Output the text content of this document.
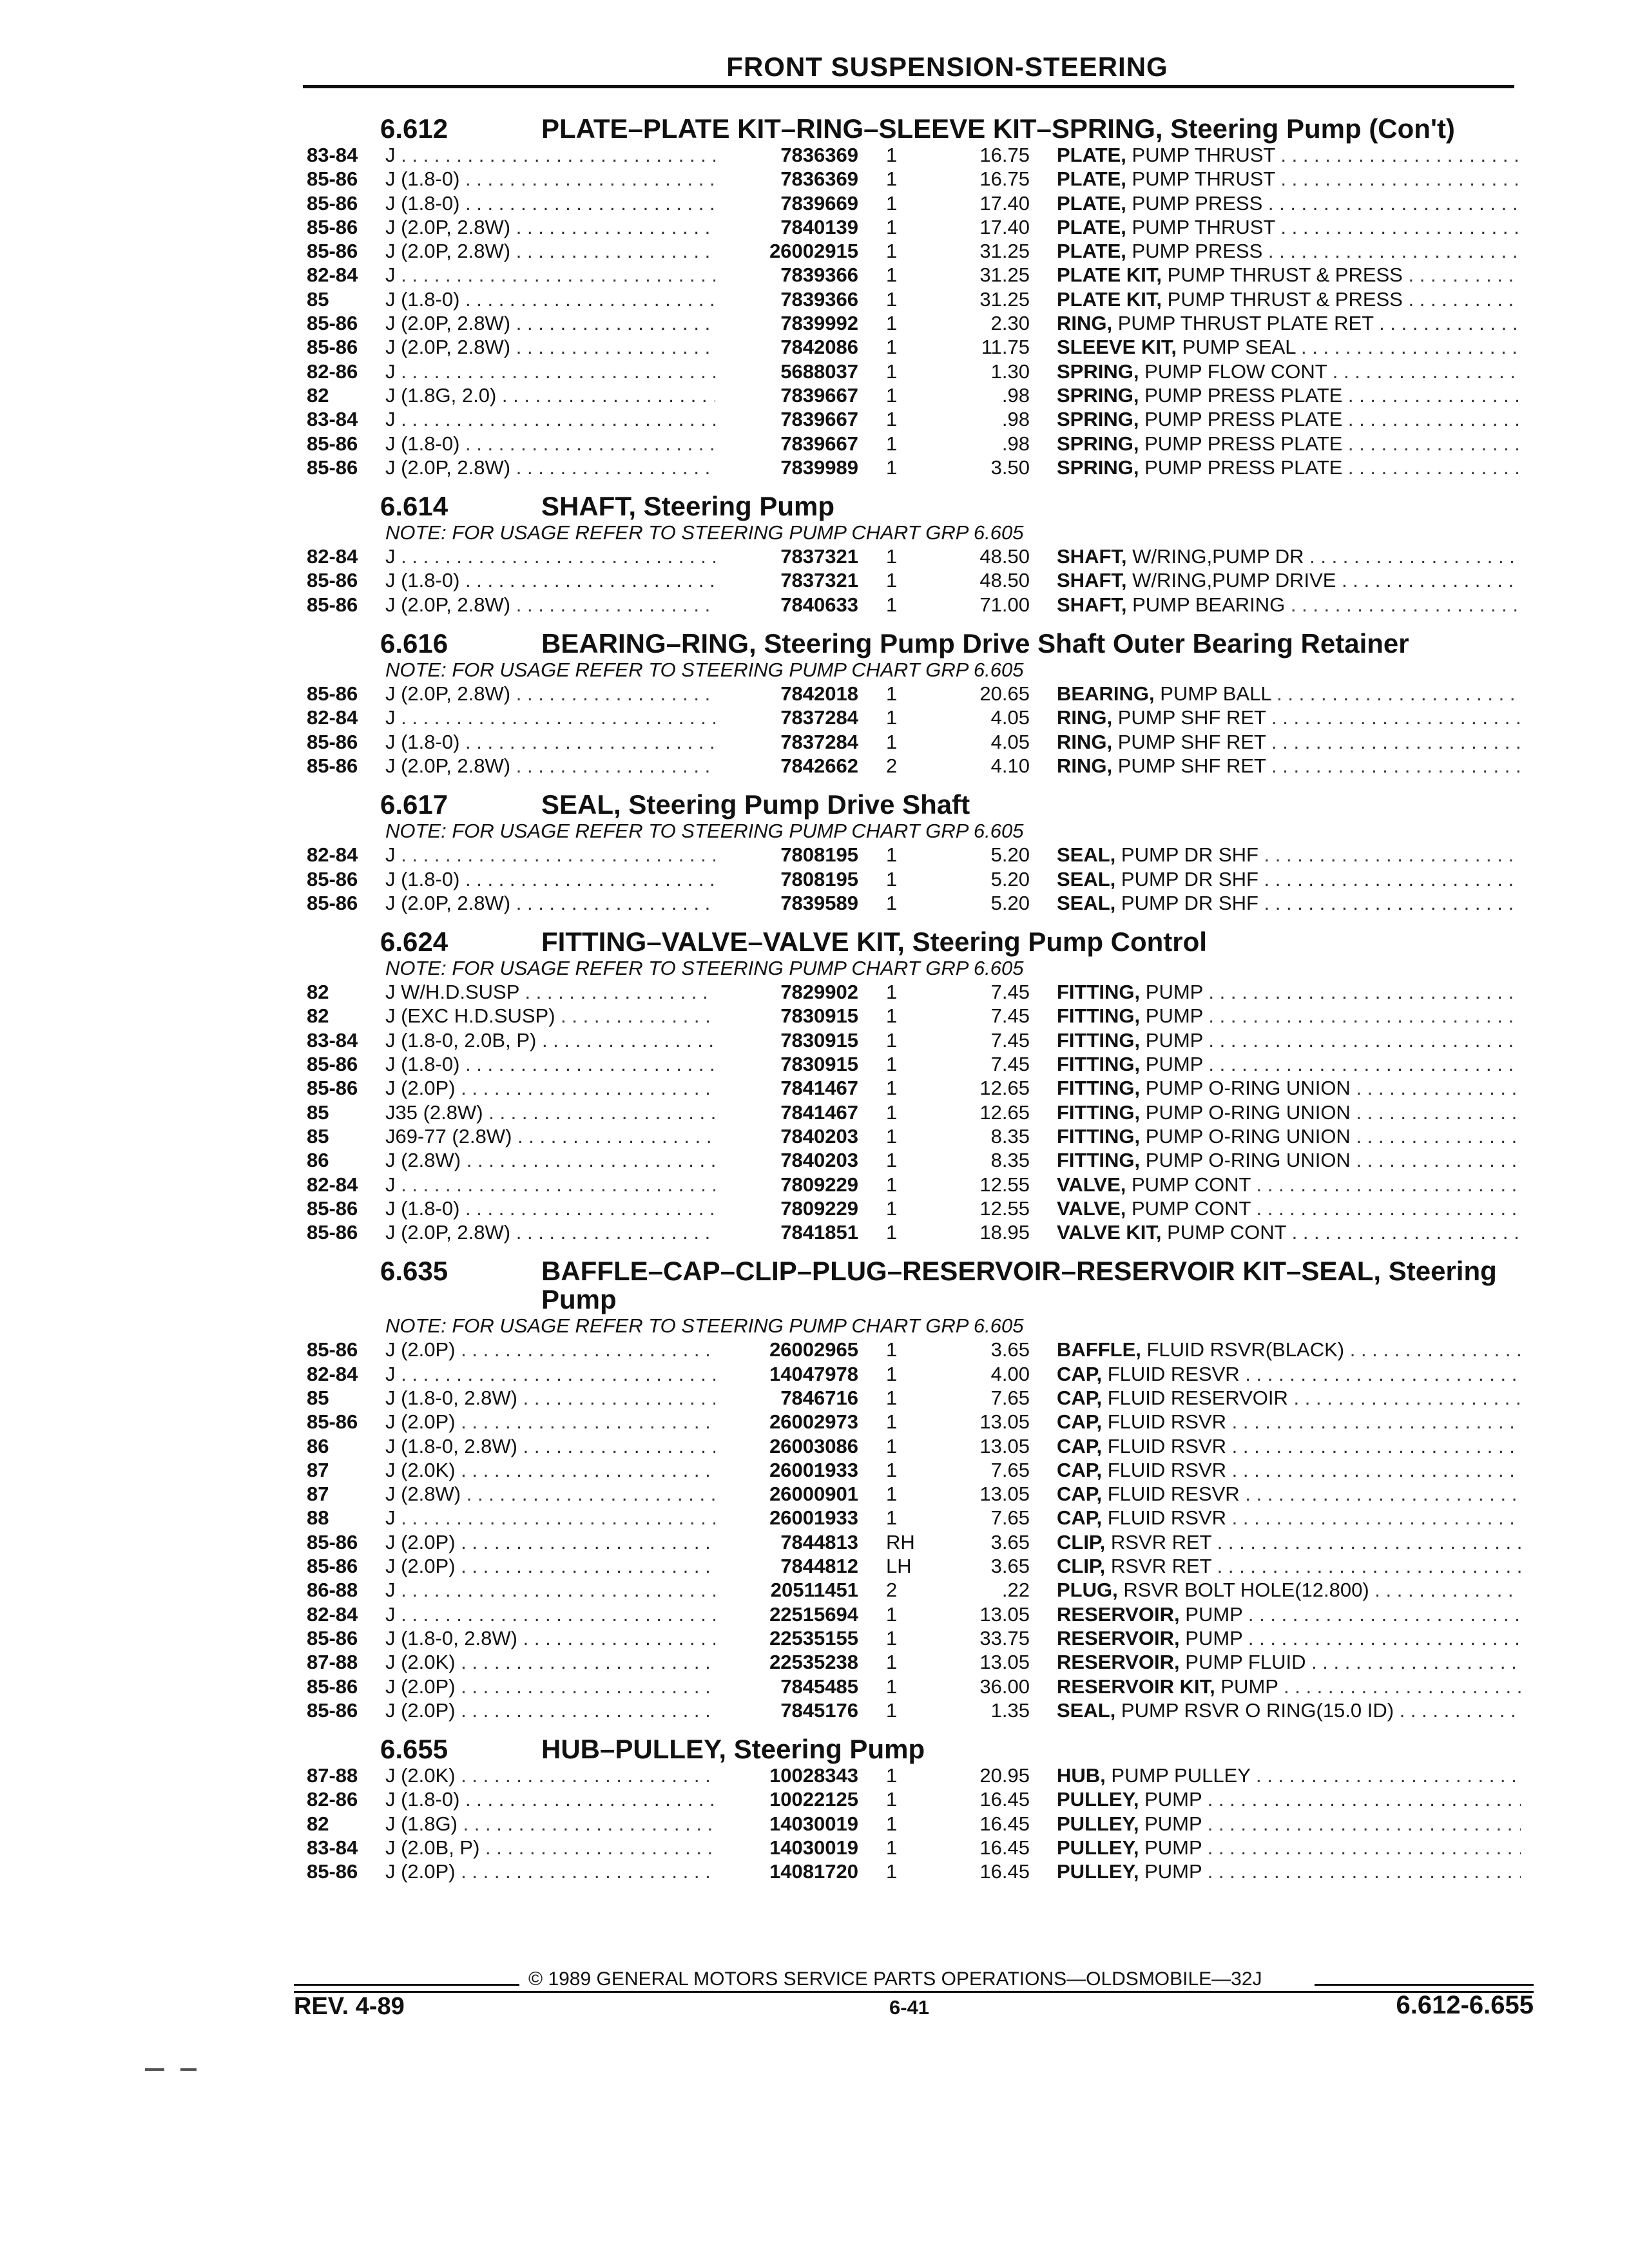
FRONT SUSPENSION-STEERING
6.612	PLATE–PLATE KIT–RING–SLEEVE KIT–SPRING, Steering Pump (Con't)
83-84 J . . .	7836369 1	16.75 PLATE, PUMP THRUST . . .
85-86 J (1.8-0) . . .	7836369 1	16.75 PLATE, PUMP THRUST . . .
85-86 J (1.8-0) . . .	7839669 1	17.40 PLATE, PUMP PRESS . . .
85-86 J (2.0P, 2.8W) . . .	7840139 1	17.40 PLATE, PUMP THRUST . . .
85-86 J (2.0P, 2.8W) . . .	26002915 1	31.25 PLATE, PUMP PRESS . . .
82-84 J . . .	7839366 1	31.25 PLATE KIT, PUMP THRUST & PRESS . . .
85	J (1.8-0) . . .	7839366 1	31.25 PLATE KIT, PUMP THRUST & PRESS . . .
85-86 J (2.0P, 2.8W) . . .	7839992 1	2.30 RING, PUMP THRUST PLATE RET . . .
85-86 J (2.0P, 2.8W) . . .	7842086 1	11.75 SLEEVE KIT, PUMP SEAL . . .
82-86 J . . .	5688037 1	1.30 SPRING, PUMP FLOW CONT . . .
82	J (1.8G, 2.0) . . .	7839667 1	.98 SPRING, PUMP PRESS PLATE . . .
83-84 J . . .	7839667 1	.98 SPRING, PUMP PRESS PLATE . . .
85-86 J (1.8-0) . . .	7839667 1	.98 SPRING, PUMP PRESS PLATE . . .
85-86 J (2.0P, 2.8W) . . .	7839989 1	3.50 SPRING, PUMP PRESS PLATE . . .
6.614	SHAFT, Steering Pump
NOTE: FOR USAGE REFER TO STEERING PUMP CHART GRP 6.605
82-84 J . . .	7837321 1	48.50 SHAFT, W/RING,PUMP DR . . .
85-86 J (1.8-0) . . .	7837321 1	48.50 SHAFT, W/RING,PUMP DRIVE . . .
85-86 J (2.0P, 2.8W) . . .	7840633 1	71.00 SHAFT, PUMP BEARING . . .
6.616	BEARING–RING, Steering Pump Drive Shaft Outer Bearing Retainer
NOTE: FOR USAGE REFER TO STEERING PUMP CHART GRP 6.605
85-86 J (2.0P, 2.8W) . . .	7842018 1	20.65 BEARING, PUMP BALL . . .
82-84 J . . .	7837284 1	4.05 RING, PUMP SHF RET . . .
85-86 J (1.8-0) . . .	7837284 1	4.05 RING, PUMP SHF RET . . .
85-86 J (2.0P, 2.8W) . . .	7842662 2	4.10 RING, PUMP SHF RET . . .
6.617	SEAL, Steering Pump Drive Shaft
NOTE: FOR USAGE REFER TO STEERING PUMP CHART GRP 6.605
82-84 J . . .	7808195 1	5.20 SEAL, PUMP DR SHF . . .
85-86 J (1.8-0) . . .	7808195 1	5.20 SEAL, PUMP DR SHF . . .
85-86 J (2.0P, 2.8W) . . .	7839589 1	5.20 SEAL, PUMP DR SHF . . .
6.624	FITTING–VALVE–VALVE KIT, Steering Pump Control
NOTE: FOR USAGE REFER TO STEERING PUMP CHART GRP 6.605
82	J W/H.D.SUSP . . .	7829902 1	7.45 FITTING, PUMP . . .
82	J (EXC H.D.SUSP) . . .	7830915 1	7.45 FITTING, PUMP . . .
83-84 J (1.8-0, 2.0B, P) . . .	7830915 1	7.45 FITTING, PUMP . . .
85-86 J (1.8-0) . . .	7830915 1	7.45 FITTING, PUMP . . .
85-86 J (2.0P) . . .	7841467 1	12.65 FITTING, PUMP O-RING UNION . . .
85	J35 (2.8W) . . .	7841467 1	12.65 FITTING, PUMP O-RING UNION . . .
85	J69-77 (2.8W) . . .	7840203 1	8.35 FITTING, PUMP O-RING UNION . . .
86	J (2.8W) . . .	7840203 1	8.35 FITTING, PUMP O-RING UNION . . .
82-84 J . . .	7809229 1	12.55 VALVE, PUMP CONT . . .
85-86 J (1.8-0) . . .	7809229 1	12.55 VALVE, PUMP CONT . . .
85-86 J (2.0P, 2.8W) . . .	7841851 1	18.95 VALVE KIT, PUMP CONT . . .
6.635	BAFFLE–CAP–CLIP–PLUG–RESERVOIR–RESERVOIR KIT–SEAL, Steering Pump
NOTE: FOR USAGE REFER TO STEERING PUMP CHART GRP 6.605
85-86 J (2.0P) . . .	26002965 1	3.65 BAFFLE, FLUID RSVR(BLACK) . . .
82-84 J . . .	14047978 1	4.00 CAP, FLUID RESVR . . .
85	J (1.8-0, 2.8W) . . .	7846716 1	7.65 CAP, FLUID RESERVOIR . . .
85-86 J (2.0P) . . .	26002973 1	13.05 CAP, FLUID RSVR . . .
86	J (1.8-0, 2.8W) . . .	26003086 1	13.05 CAP, FLUID RSVR . . .
87	J (2.0K) . . .	26001933 1	7.65 CAP, FLUID RSVR . . .
87	J (2.8W) . . .	26000901 1	13.05 CAP, FLUID RESVR . . .
88	J . . .	26001933 1	7.65 CAP, FLUID RSVR . . .
85-86 J (2.0P) . . .	7844813 RH	3.65 CLIP, RSVR RET . . .
85-86 J (2.0P) . . .	7844812 LH	3.65 CLIP, RSVR RET . . .
86-88 J . . .	20511451 2	.22 PLUG, RSVR BOLT HOLE(12.800) . . .
82-84 J . . .	22515694 1	13.05 RESERVOIR, PUMP . . .
85-86 J (1.8-0, 2.8W) . . .	22535155 1	33.75 RESERVOIR, PUMP . . .
87-88 J (2.0K) . . .	22535238 1	13.05 RESERVOIR, PUMP FLUID . . .
85-86 J (2.0P) . . .	7845485 1	36.00 RESERVOIR KIT, PUMP . . .
85-86 J (2.0P) . . .	7845176 1	1.35 SEAL, PUMP RSVR O RING(15.0 ID) . . .
6.655	HUB–PULLEY, Steering Pump
87-88 J (2.0K) . . .	10028343 1	20.95 HUB, PUMP PULLEY . . .
82-86 J (1.8-0) . . .	10022125 1	16.45 PULLEY, PUMP . . .
82	J (1.8G) . . .	14030019 1	16.45 PULLEY, PUMP . . .
83-84 J (2.0B, P) . . .	14030019 1	16.45 PULLEY, PUMP . . .
85-86 J (2.0P) . . .	14081720 1	16.45 PULLEY, PUMP . . .
© 1989 GENERAL MOTORS SERVICE PARTS OPERATIONS—OLDSMOBILE—32J
REV. 4-89	6-41	6.612-6.655
